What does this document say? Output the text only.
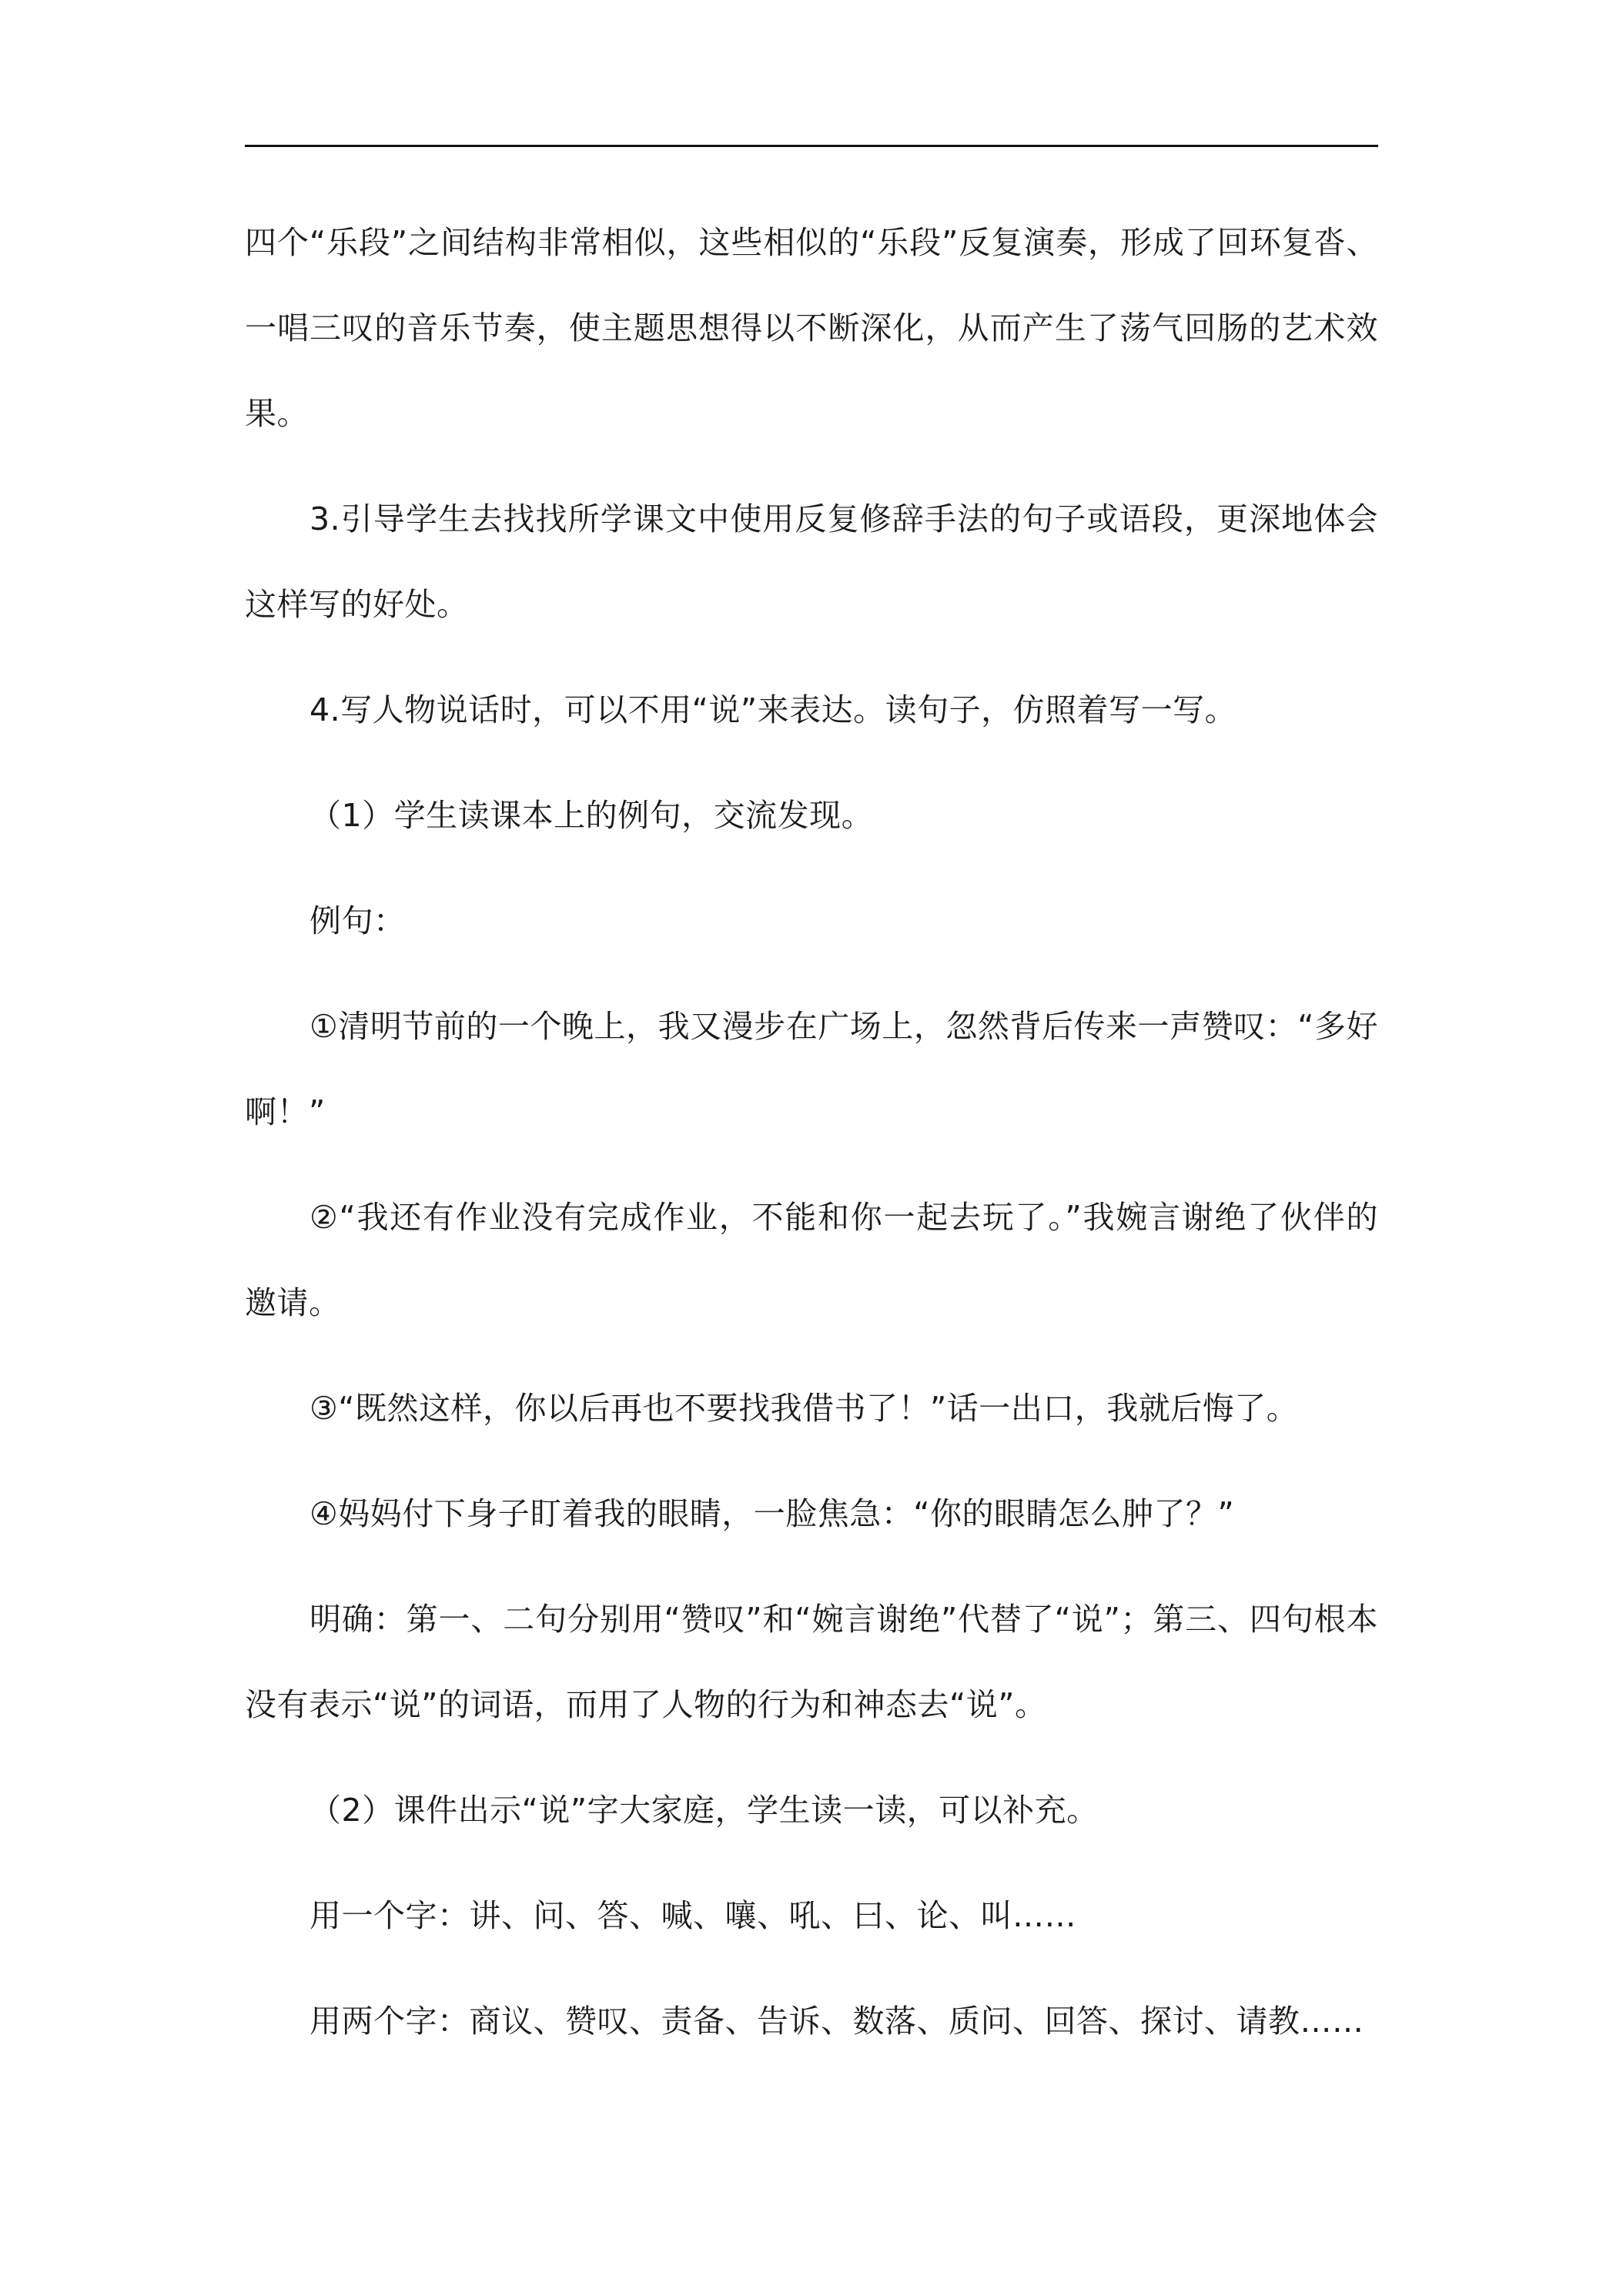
四个“乐段”之间结构非常相似，这些相似的“乐段”反复演奏，形成了回环复沓、一唱三叹的音乐节奏，使主题思想得以不断深化，从而产生了荡气回肠的艺术效果。

3.引导学生去找找所学课文中使用反复修辞手法的句子或语段，更深地体会这样写的好处。

4.写人物说话时，可以不用“说”来表达。读句子，仿照着写一写。

（1）学生读课本上的例句，交流发现。

例句：

①清明节前的一个晚上，我又漫步在广场上，忽然背后传来一声赞叹：“多好啊！”

②“我还有作业没有完成作业，不能和你一起去玩了。”我婉言谢绝了伙伴的邀请。

③“既然这样，你以后再也不要找我借书了！”话一出口，我就后悔了。

④妈妈付下身子盯着我的眼睛，一脸焦急：“你的眼睛怎么肿了？”

明确：第一、二句分别用“赞叹”和“婉言谢绝”代替了“说”；第三、四句根本没有表示“说”的词语，而用了人物的行为和神态去“说”。

（2）课件出示“说”字大家庭，学生读一读，可以补充。

用一个字：讲、问、答、喊、嚷、吼、曰、论、叫……

用两个字：商议、赞叹、责备、告诉、数落、质问、回答、探讨、请教……
